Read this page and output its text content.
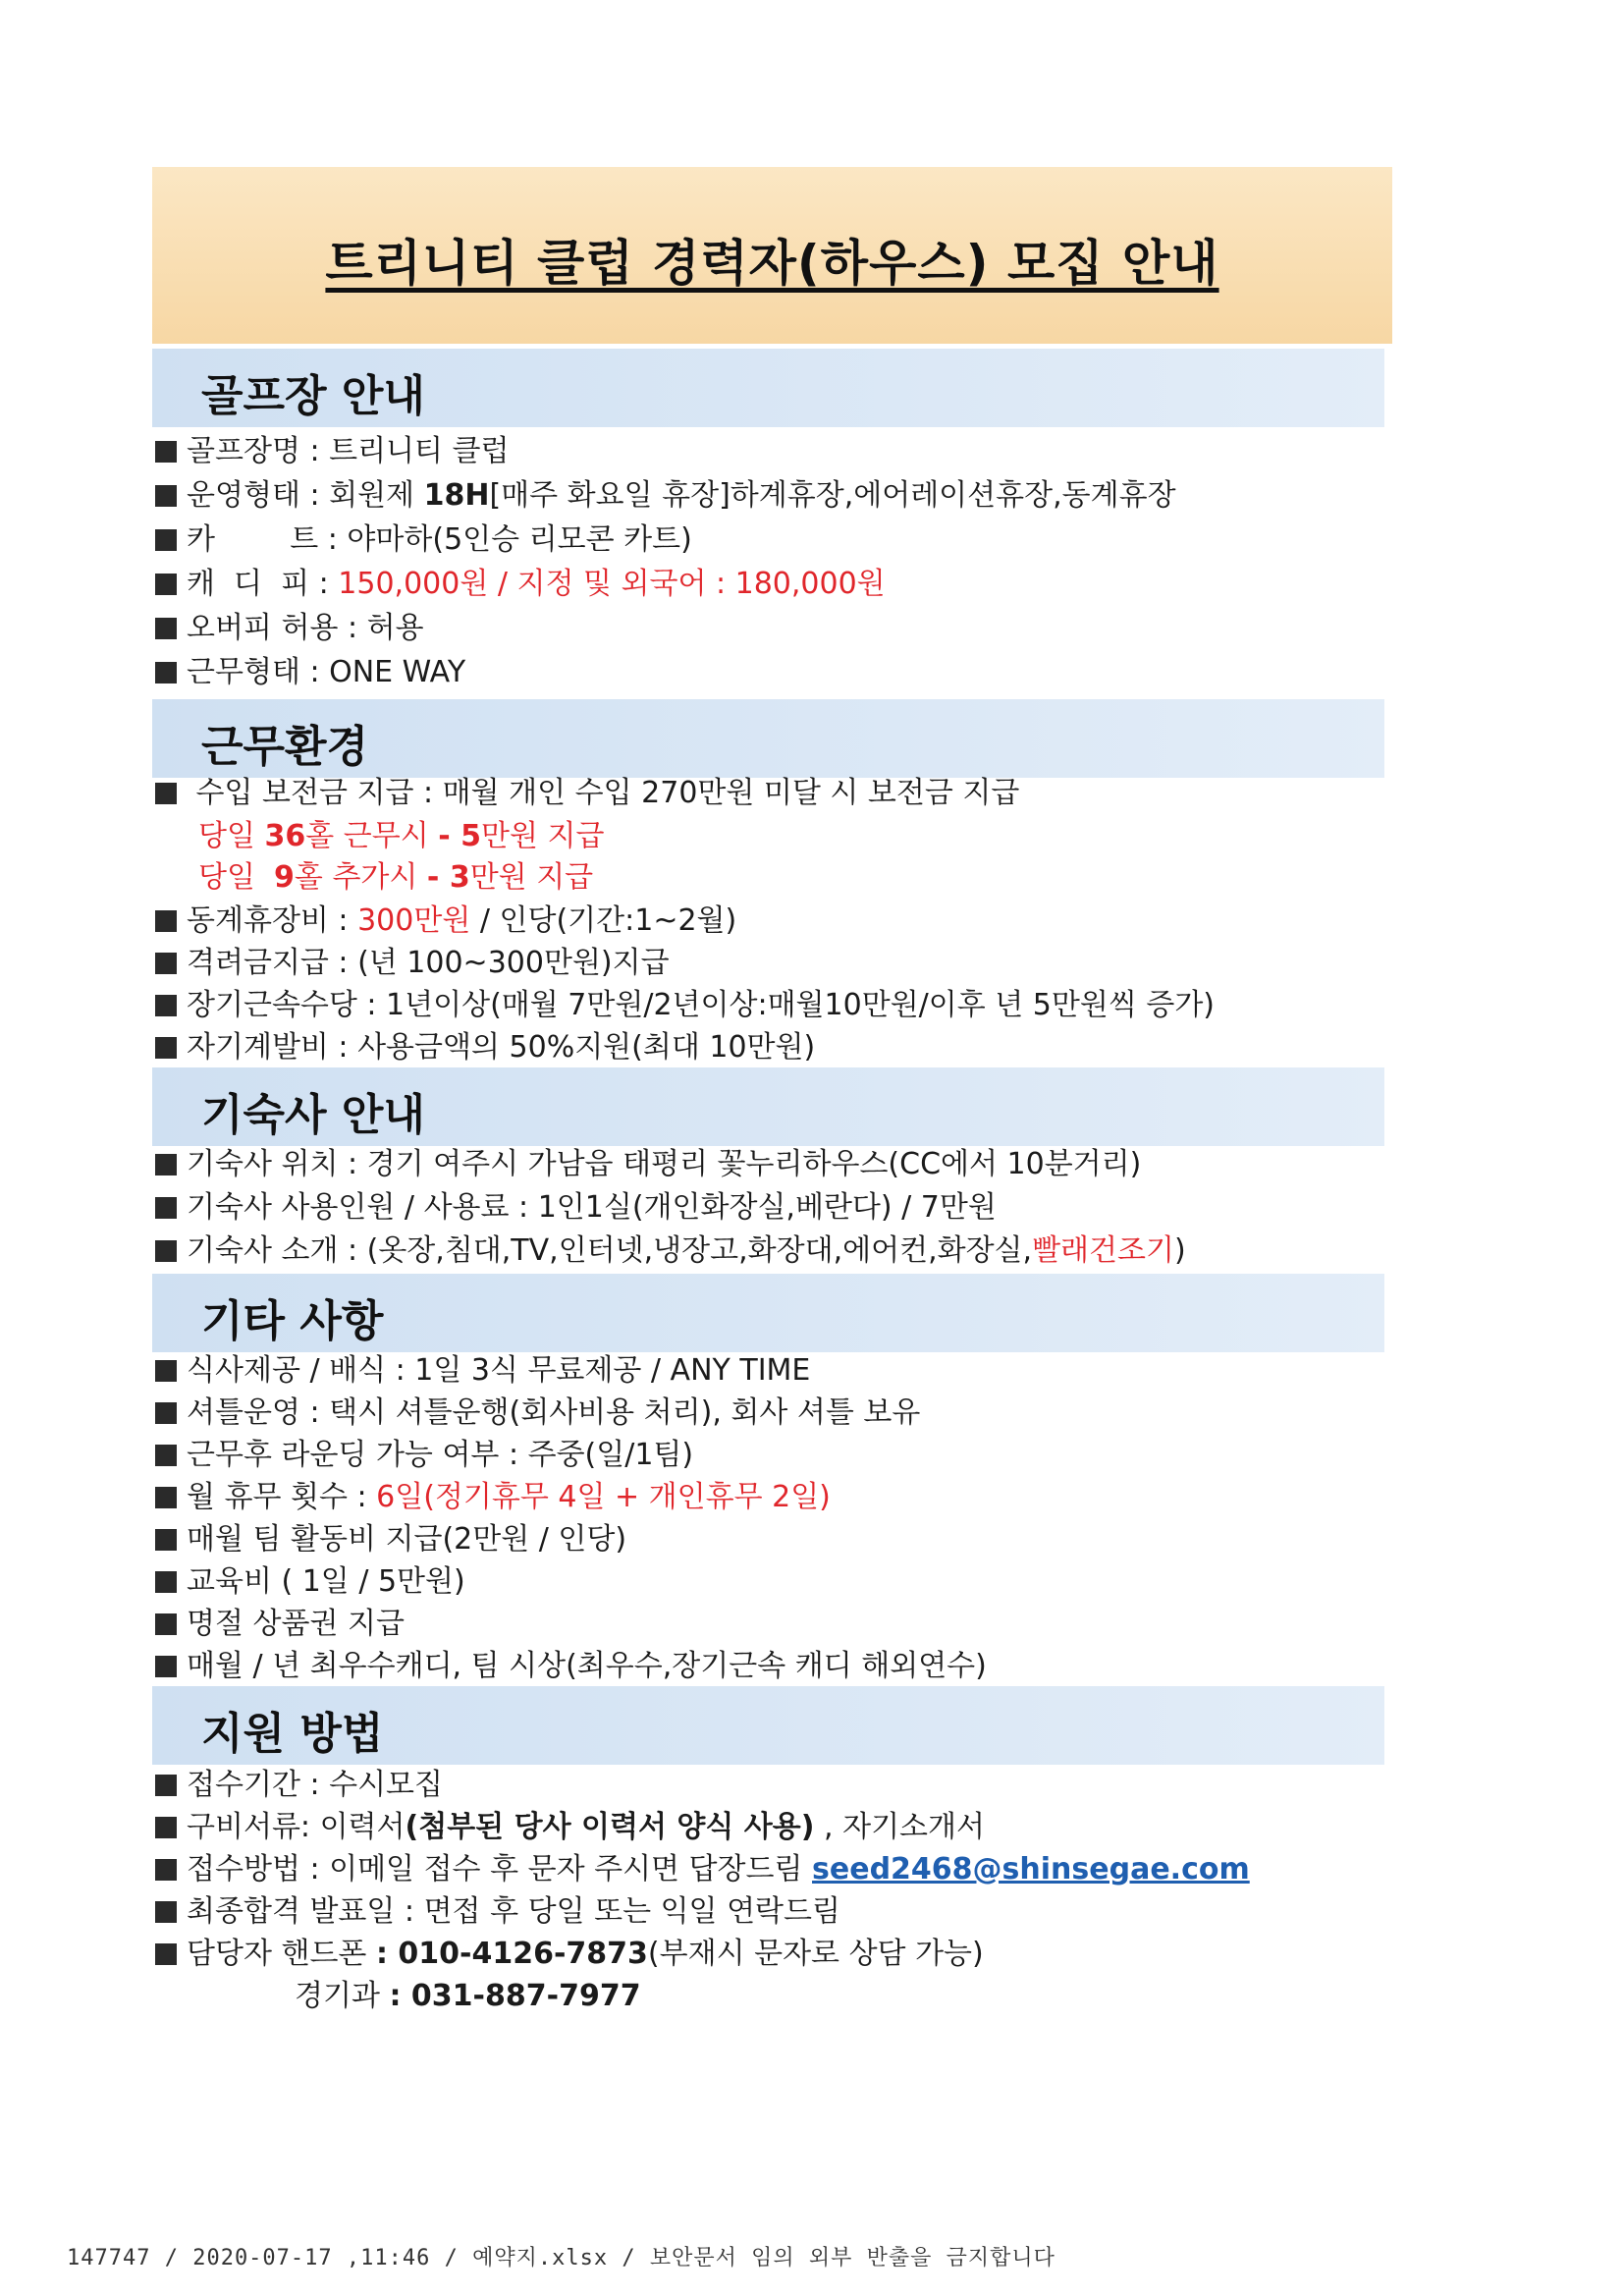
트리니티 클럽 경력자(하우스) 모집 안내
골프장 안내
골프장명 : 트리니티 클럽
운영형태 : 회원제 18H[매주 화요일 휴장]하계휴장,에어레이션휴장,동계휴장
카        트 : 야마하(5인승 리모콘 카트)
캐  디  피 : 150,000원 / 지정 및 외국어 : 180,000원
오버피 허용 : 허용
근무형태 : ONE WAY
근무환경
수입 보전금 지급 : 매월 개인 수입 270만원 미달 시 보전금 지급
당일 36홀 근무시 - 5만원 지급
당일  9홀 추가시 - 3만원 지급
동계휴장비 : 300만원 / 인당(기간:1~2월)
격려금지급 : (년 100~300만원)지급
장기근속수당 : 1년이상(매월 7만원/2년이상:매월10만원/이후 년 5만원씩 증가)
자기계발비 : 사용금액의 50%지원(최대 10만원)
기숙사 안내
기숙사 위치 : 경기 여주시 가남읍 태평리 꽃누리하우스(CC에서 10분거리)
기숙사 사용인원 / 사용료 : 1인1실(개인화장실,베란다) / 7만원
기숙사 소개 : (옷장,침대,TV,인터넷,냉장고,화장대,에어컨,화장실,빨래건조기)
기타 사항
식사제공 / 배식 : 1일 3식 무료제공 / ANY TIME
셔틀운영 : 택시 셔틀운행(회사비용 처리), 회사 셔틀 보유
근무후 라운딩 가능 여부 : 주중(일/1팀)
월 휴무 횟수 : 6일(정기휴무 4일 + 개인휴무 2일)
매월 팀 활동비 지급(2만원 / 인당)
교육비 ( 1일 / 5만원)
명절 상품권 지급
매월 / 년 최우수캐디, 팀 시상(최우수,장기근속 캐디 해외연수)
지원 방법
접수기간 : 수시모집
구비서류: 이력서(첨부된 당사 이력서 양식 사용) , 자기소개서
접수방법 : 이메일 접수 후 문자 주시면 답장드림 seed2468@shinsegae.com
최종합격 발표일 : 면접 후 당일 또는 익일 연락드림
담당자 핸드폰 : 010-4126-7873(부재시 문자로 상담 가능)
경기과 : 031-887-7977
147747 / 2020-07-17 ,11:46 / 예약지.xlsx / 보안문서 임의 외부 반출을 금지합니다
